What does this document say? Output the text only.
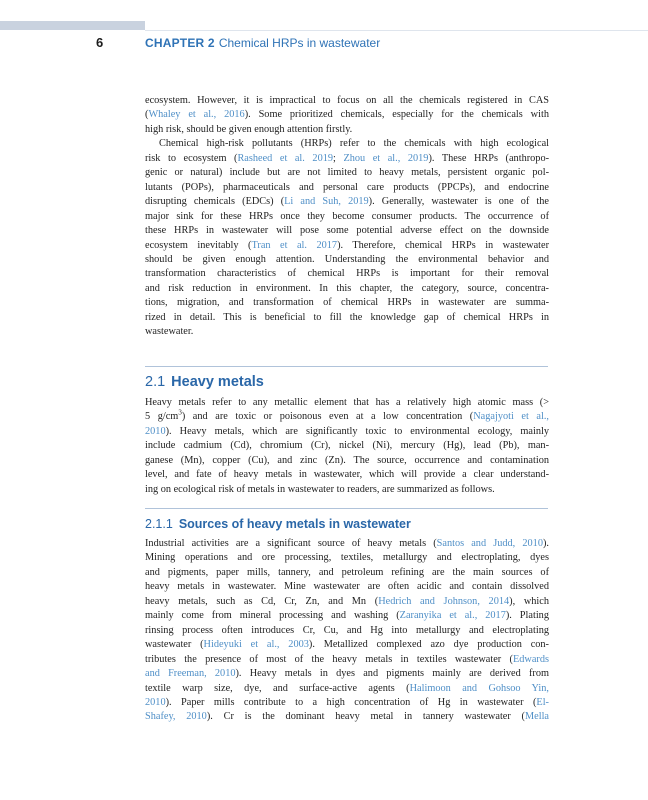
6	CHAPTER 2 Chemical HRPs in wastewater
ecosystem. However, it is impractical to focus on all the chemicals registered in CAS
(Whaley et al., 2016). Some prioritized chemicals, especially for the chemicals with
high risk, should be given enough attention firstly.
Chemical high-risk pollutants (HRPs) refer to the chemicals with high ecological
risk to ecosystem (Rasheed et al. 2019; Zhou et al., 2019). These HRPs (anthropo-
genic or natural) include but are not limited to heavy metals, persistent organic pol-
lutants (POPs), pharmaceuticals and personal care products (PPCPs), and endocrine
disrupting chemicals (EDCs) (Li and Suh, 2019). Generally, wastewater is one of the
major sink for these HRPs once they become consumer products. The occurrence of
these HRPs in wastewater will pose some potential adverse effect on the downside
ecosystem inevitably (Tran et al. 2017). Therefore, chemical HRPs in wastewater
should be given enough attention. Understanding the environmental behavior and
transformation characteristics of chemical HRPs is important for their removal
and risk reduction in environment. In this chapter, the category, source, concentra-
tions, migration, and transformation of chemical HRPs in wastewater are summa-
rized in detail. This is beneficial to fill the knowledge gap of chemical HRPs in
wastewater.
2.1 Heavy metals
Heavy metals refer to any metallic element that has a relatively high atomic mass (>
5 $g/cm^3$) and are toxic or poisonous even at a low concentration (Nagajyoti et al.,
2010). Heavy metals, which are significantly toxic to environmental ecology, mainly
include cadmium (Cd), chromium (Cr), nickel (Ni), mercury (Hg), lead (Pb), man-
ganese (Mn), copper (Cu), and zinc (Zn). The source, occurrence and contamination
level, and fate of heavy metals in wastewater, which will provide a clear understand-
ing on ecological risk of metals in wastewater to readers, are summarized as follows.
2.1.1 Sources of heavy metals in wastewater
Industrial activities are a significant source of heavy metals (Santos and Judd, 2010).
Mining operations and ore processing, textiles, metallurgy and electroplating, dyes
and pigments, paper mills, tannery, and petroleum refining are the main sources of
heavy metals in wastewater. Mine wastewater are often acidic and contain dissolved
heavy metals, such as Cd, Cr, Zn, and Mn (Hedrich and Johnson, 2014), which
mainly come from mineral processing and washing (Zaranyika et al., 2017). Plating
rinsing process often introduces Cr, Cu, and Hg into metallurgy and electroplating
wastewater (Hideyuki et al., 2003). Metallized complexed azo dye production con-
tributes the presence of most of the heavy metals in textiles wastewater (Edwards
and Freeman, 2010). Heavy metals in dyes and pigments mainly are derived from
textile warp size, dye, and surface-active agents (Halimoon and Gohsoo Yin,
2010). Paper mills contribute to a high concentration of Hg in wastewater (El-
Shafey, 2010). Cr is the dominant heavy metal in tannery wastewater (Mella
